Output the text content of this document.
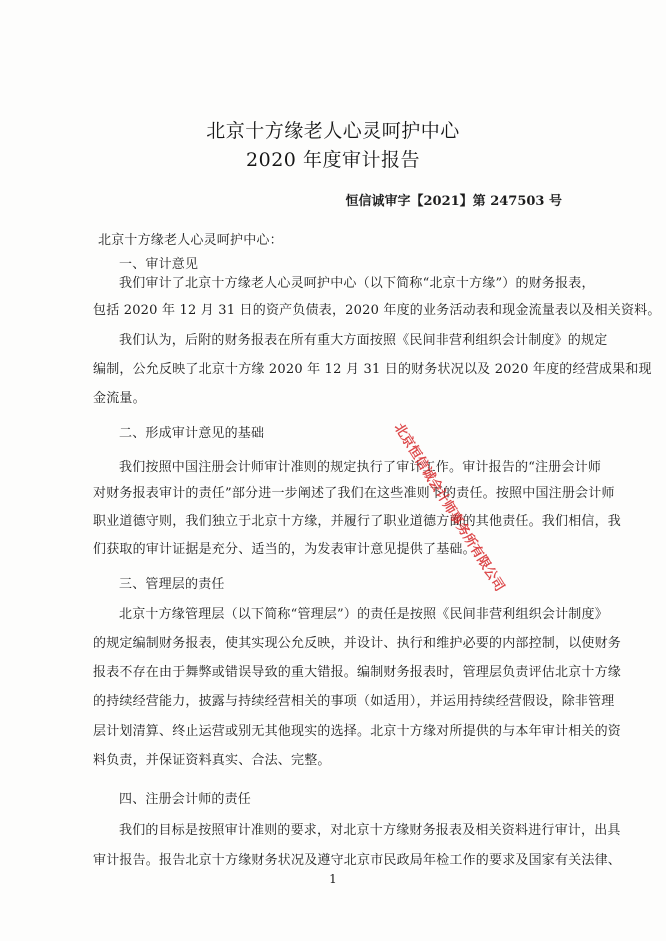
北京十方缘老人心灵呵护中心
2020 年度审计报告
恒信诚审字【2021】第 247503 号
北京十方缘老人心灵呵护中心：
一、审计意见
我们审计了北京十方缘老人心灵呵护中心（以下简称“北京十方缘”）的财务报表，
包括 2020 年 12 月 31 日的资产负债表，2020 年度的业务活动表和现金流量表以及相关资料。
我们认为，后附的财务报表在所有重大方面按照《民间非营利组织会计制度》的规定
编制，公允反映了北京十方缘 2020 年 12 月 31 日的财务状况以及 2020 年度的经营成果和现
金流量。
二、形成审计意见的基础
我们按照中国注册会计师审计准则的规定执行了审计工作。审计报告的“注册会计师
对财务报表审计的责任”部分进一步阐述了我们在这些准则下的责任。按照中国注册会计师
职业道德守则，我们独立于北京十方缘，并履行了职业道德方面的其他责任。我们相信，我
们获取的审计证据是充分、适当的，为发表审计意见提供了基础。
三、管理层的责任
北京十方缘管理层（以下简称“管理层”）的责任是按照《民间非营利组织会计制度》
的规定编制财务报表，使其实现公允反映，并设计、执行和维护必要的内部控制，以使财务
报表不存在由于舞弊或错误导致的重大错报。编制财务报表时，管理层负责评估北京十方缘
的持续经营能力，披露与持续经营相关的事项（如适用），并运用持续经营假设，除非管理
层计划清算、终止运营或别无其他现实的选择。北京十方缘对所提供的与本年审计相关的资
料负责，并保证资料真实、合法、完整。
四、注册会计师的责任
我们的目标是按照审计准则的要求，对北京十方缘财务报表及相关资料进行审计，出具
审计报告。报告北京十方缘财务状况及遵守北京市民政局年检工作的要求及国家有关法律、
1
北京恒信诚会计师事务所有限公司
